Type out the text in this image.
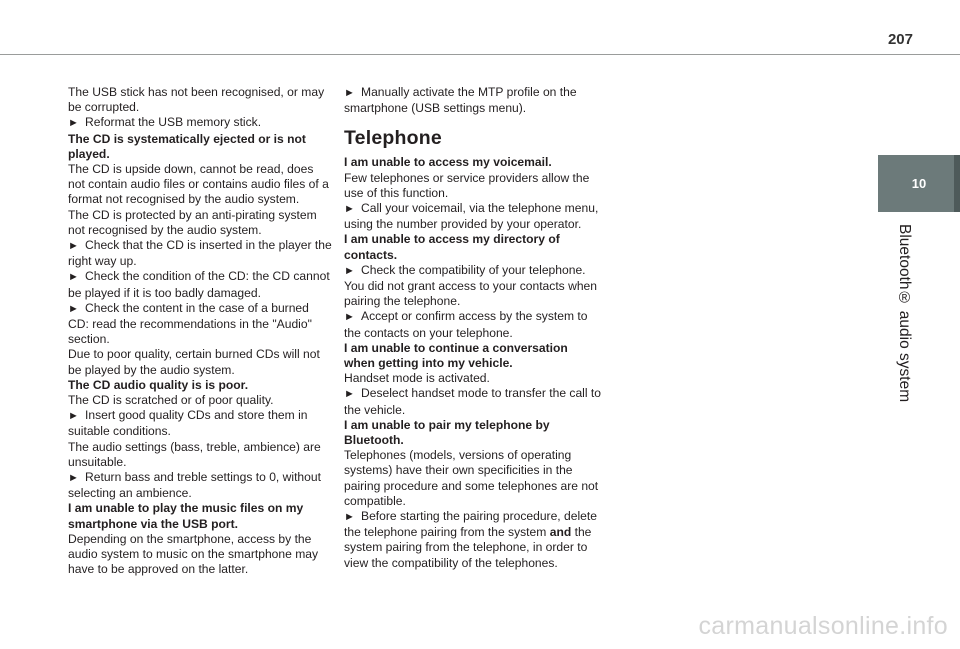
207
10
Bluetooth® audio system

The USB stick has not been recognised, or may be corrupted.

►  Reformat the USB memory stick.

The CD is systematically ejected or is not played.

The CD is upside down, cannot be read, does not contain audio files or contains audio files of a format not recognised by the audio system.

The CD is protected by an anti-pirating system not recognised by the audio system.

►  Check that the CD is inserted in the player the right way up.

►  Check the condition of the CD: the CD cannot be played if it is too badly damaged.

►  Check the content in the case of a burned CD: read the recommendations in the "Audio" section.

Due to poor quality, certain burned CDs will not be played by the audio system.

The CD audio quality is is poor.

The CD is scratched or of poor quality.

►  Insert good quality CDs and store them in suitable conditions.

The audio settings (bass, treble, ambience) are unsuitable.

►  Return bass and treble settings to 0, without selecting an ambience.

I am unable to play the music files on my smartphone via the USB port.

Depending on the smartphone, access by the audio system to music on the smartphone may have to be approved on the latter.

►  Manually activate the MTP profile on the smartphone (USB settings menu).

Telephone

I am unable to access my voicemail.

Few telephones or service providers allow the use of this function.

►  Call your voicemail, via the telephone menu, using the number provided by your operator.

I am unable to access my directory of contacts.

►  Check the compatibility of your telephone.

You did not grant access to your contacts when pairing the telephone.

►  Accept or confirm access by the system to the contacts on your telephone.

I am unable to continue a conversation when getting into my vehicle.

Handset mode is activated.

►  Deselect handset mode to transfer the call to the vehicle.

I am unable to pair my telephone by Bluetooth.

Telephones (models, versions of operating systems) have their own specificities in the pairing procedure and some telephones are not compatible.

►  Before starting the pairing procedure, delete the telephone pairing from the system and the system pairing from the telephone, in order to view the compatibility of the telephones.

carmanualsonline.info
